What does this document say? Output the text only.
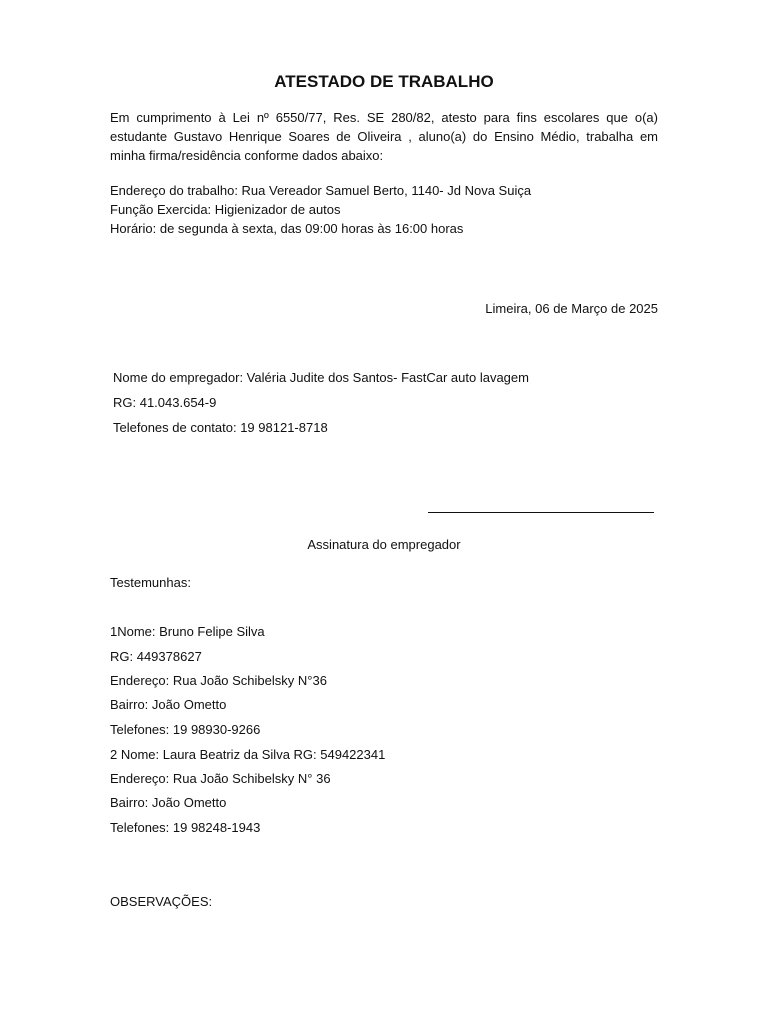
ATESTADO DE TRABALHO
Em cumprimento à Lei nº 6550/77, Res. SE 280/82, atesto para fins escolares que o(a) estudante Gustavo Henrique Soares de Oliveira , aluno(a) do Ensino Médio, trabalha em minha firma/residência conforme dados abaixo:
Endereço do trabalho: Rua Vereador Samuel Berto, 1140- Jd Nova Suiça
Função Exercida: Higienizador de autos
Horário: de segunda à sexta, das 09:00 horas às 16:00 horas
Limeira, 06 de Março de 2025
Nome do empregador: Valéria Judite dos Santos- FastCar auto lavagem
RG: 41.043.654-9
Telefones de contato: 19 98121-8718
Assinatura do empregador
Testemunhas:
1Nome: Bruno Felipe Silva
RG: 449378627
Endereço: Rua João Schibelsky N°36
Bairro: João Ometto
Telefones: 19 98930-9266
2 Nome: Laura Beatriz da Silva RG: 549422341
Endereço: Rua João Schibelsky N° 36
Bairro: João Ometto
Telefones: 19 98248-1943
OBSERVAÇÕES:
